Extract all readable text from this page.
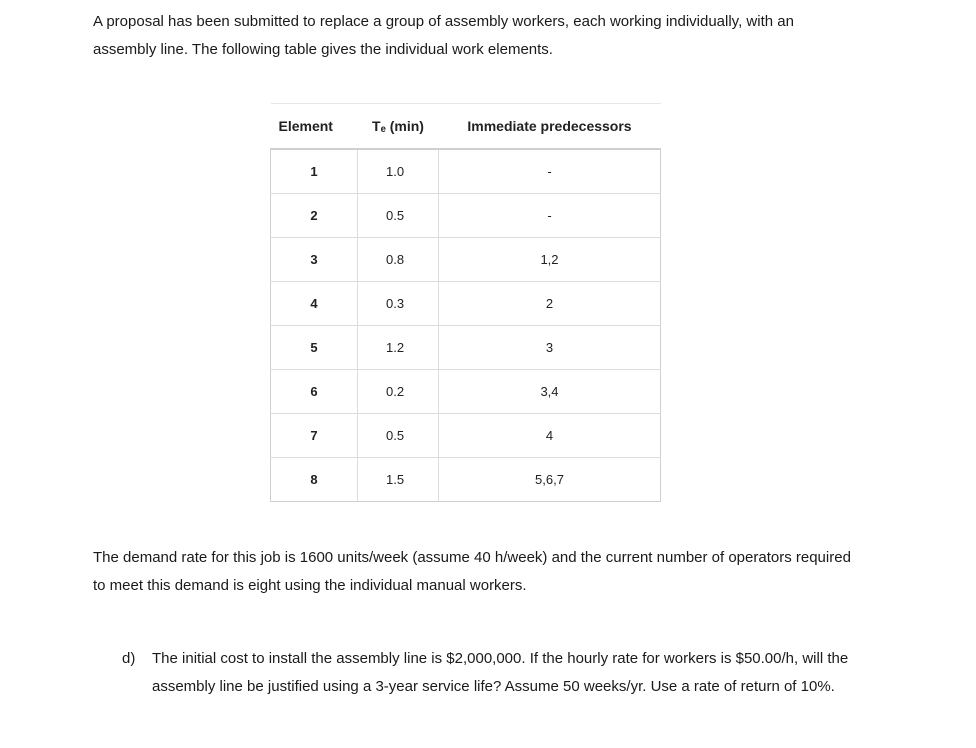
A proposal has been submitted to replace a group of assembly workers, each working individually, with an assembly line. The following table gives the individual work elements.

Element	Tₑ (min)	Immediate predecessors
1	1.0	-
2	0.5	-
3	0.8	1,2
4	0.3	2
5	1.2	3
6	0.2	3,4
7	0.5	4
8	1.5	5,6,7

The demand rate for this job is 1600 units/week (assume 40 h/week) and the current number of operators required to meet this demand is eight using the individual manual workers.

d) The initial cost to install the assembly line is $2,000,000. If the hourly rate for workers is $50.00/h, will the assembly line be justified using a 3-year service life? Assume 50 weeks/yr. Use a rate of return of 10%.
